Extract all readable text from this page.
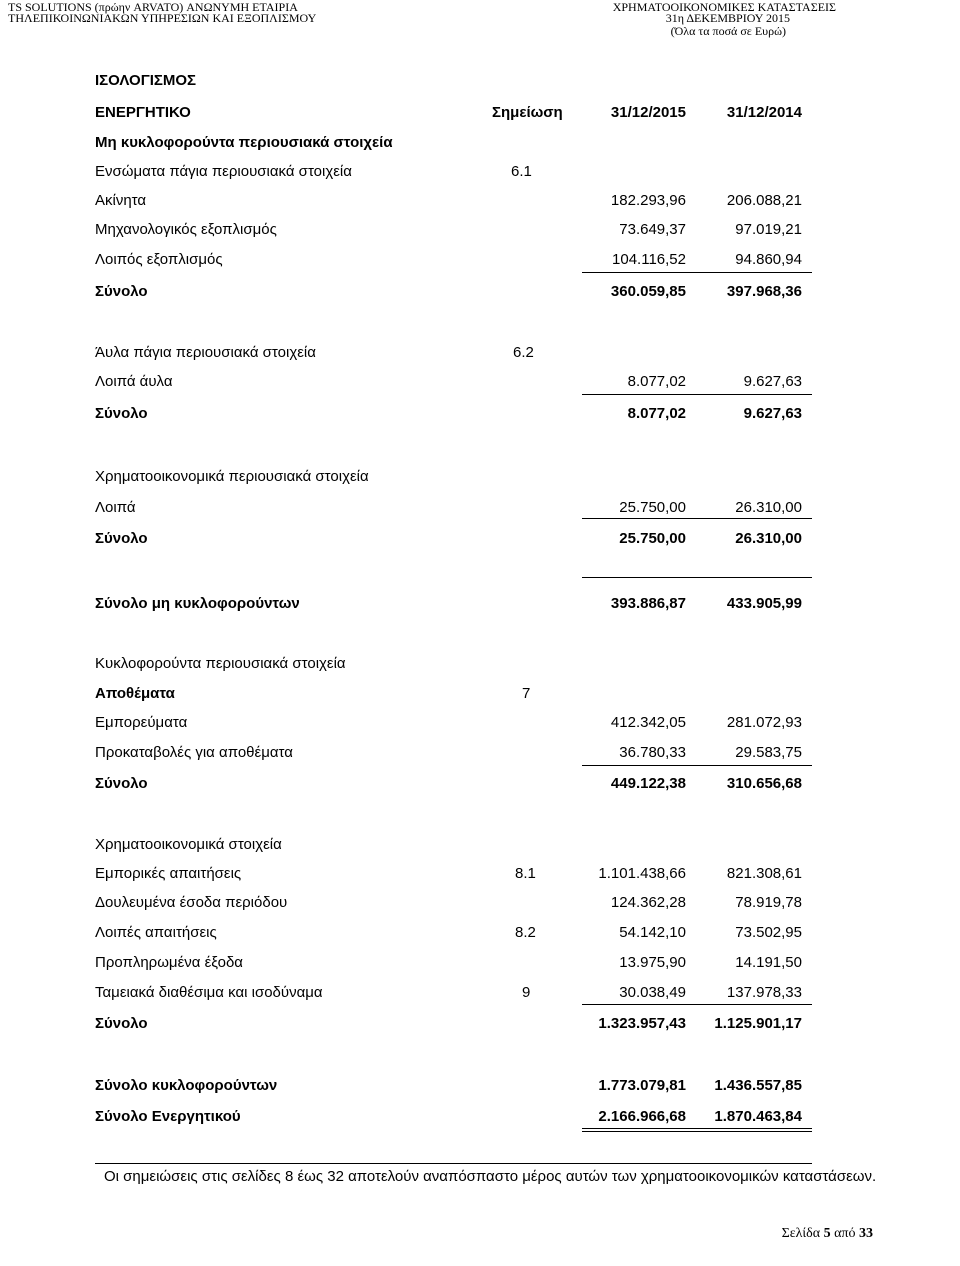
TS SOLUTIONS (πρώην ARVATO) ΑΝΩΝΥΜΗ ΕΤΑΙΡΙΑ
ΤΗΛΕΠΙΚΟΙΝΩΝΙΑΚΩΝ ΥΠΗΡΕΣΙΩΝ ΚΑΙ ΕΞΟΠΛΙΣΜΟΥ
ΧΡΗΜΑΤΟΟΙΚΟΝΟΜΙΚΕΣ ΚΑΤΑΣΤΑΣΕΙΣ
31η ΔΕΚΕΜΒΡΙΟΥ 2015
(Όλα τα ποσά σε Ευρώ)
ΙΣΟΛΟΓΙΣΜΟΣ
ΕΝΕΡΓΗΤΙΚΟ	Σημείωση	31/12/2015	31/12/2014
Μη κυκλοφορούντα περιουσιακά στοιχεία
Ενσώματα πάγια περιουσιακά στοιχεία	6.1
Ακίνητα	182.293,96	206.088,21
Μηχανολογικός εξοπλισμός	73.649,37	97.019,21
Λοιπός εξοπλισμός	104.116,52	94.860,94
Σύνολο	360.059,85	397.968,36
Άυλα πάγια περιουσιακά στοιχεία	6.2
Λοιπά άυλα	8.077,02	9.627,63
Σύνολο	8.077,02	9.627,63
Χρηματοοικονομικά περιουσιακά στοιχεία
Λοιπά	25.750,00	26.310,00
Σύνολο	25.750,00	26.310,00
Σύνολο μη κυκλοφορούντων	393.886,87	433.905,99
Κυκλοφορούντα περιουσιακά στοιχεία
Αποθέματα	7
Εμπορεύματα	412.342,05	281.072,93
Προκαταβολές για αποθέματα	36.780,33	29.583,75
Σύνολο	449.122,38	310.656,68
Χρηματοοικονομικά στοιχεία
Εμπορικές απαιτήσεις	8.1	1.101.438,66	821.308,61
Δουλευμένα έσοδα περιόδου	124.362,28	78.919,78
Λοιπές απαιτήσεις	8.2	54.142,10	73.502,95
Προπληρωμένα έξοδα	13.975,90	14.191,50
Ταμειακά διαθέσιμα και ισοδύναμα	9	30.038,49	137.978,33
Σύνολο	1.323.957,43 1.125.901,17
Σύνολο κυκλοφορούντων	1.773.079,81 1.436.557,85
Σύνολο Ενεργητικού	2.166.966,68 1.870.463,84
Οι σημειώσεις στις σελίδες 8 έως 32 αποτελούν αναπόσπαστο μέρος αυτών των χρηματοοικονομικών καταστάσεων.
Σελίδα 5 από 33
